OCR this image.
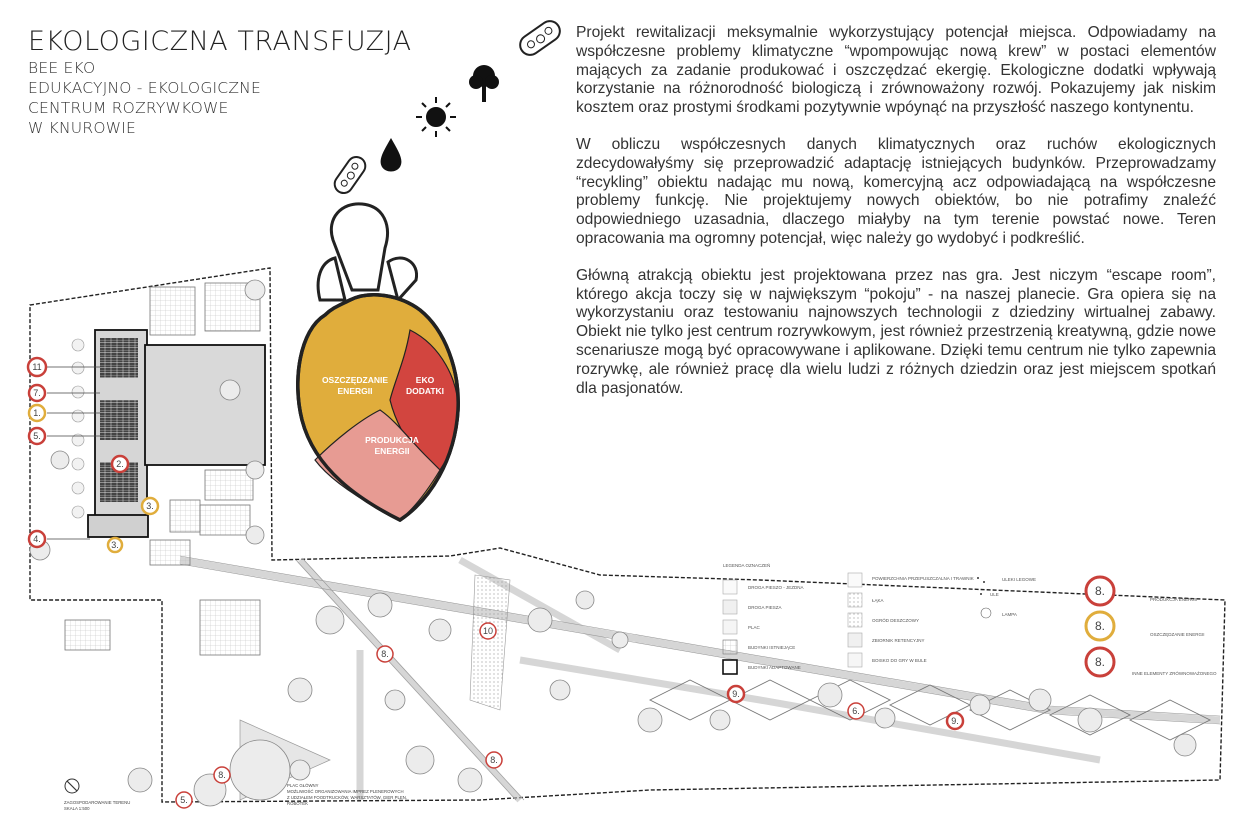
EKOLOGICZNA TRANSFUZJA
BEE EKO
EDUKACYJNO - EKOLOGICZNE
CENTRUM ROZRYWKOWE
W KNUROWIE

Projekt rewitalizacji meksymalnie wykorzystujący potencjał miejsca. Odpowiadamy na współczesne problemy klimatyczne “wpompowując nową krew” w postaci elementów mających za zadanie produkować i oszczędzać ekergię. Ekologiczne dodatki wpływają korzystanie na różnorodność biologiczą i zrównoważony rozwój. Pokazujemy jak niskim kosztem oraz prostymi środkami pozytywnie wpóynąć na przyszłość naszego kontynentu.

W obliczu współczesnych danych klimatycznych oraz ruchów ekologicznych zdecydowałyśmy się przeprowadzić adaptację istniejących budynków. Przeprowadzamy “recykling” obiektu nadając mu nową, komercyjną acz odpowiadającą na współczesne problemy funkcję. Nie projektujemy nowych obiektów, bo nie potrafimy znaleźć odpowiedniego uzasadnia, dlaczego miałyby na tym terenie powstać nowe. Teren opracowania ma ogromny potencjał, więc należy go wydobyć i podkreślić.

Główną atrakcją obiektu jest projektowana przez nas gra. Jest niczym “escape room”, którego akcja toczy się w największym “pokoju” - na naszej planecie. Gra opiera się na wykorzystaniu oraz testowaniu najnowszych technologii z dziedziny wirtualnej zabawy. Obiekt nie tylko jest centrum rozrywkowym, jest również przestrzenią kreatywną, gdzie nowe scenariusze mogą być opracowywane i aplikowane. Dzięki temu centrum nie tylko zapewnia rozrywkę, ale również pracę dla wielu ludzi z różnych dziedzin oraz jest miejscem spotkań dla pasjonatów.

11
7.
1.
5.
2.
3.
4.
3.
10
8.
8.
5.
8.
9.
6.
9.
PLAC GŁÓWNY
MOŻLIWOŚĆ ORGANIZOWANIA IMPREZ PLENEROWYCH
Z UDZIAŁEM FOODTRUCKÓW, WARSZTATÓW, GIER PLEN.
ROBÓTEK
ZAGOSPODAROWANIE TERENU
SKALA 1:500
LEGENDA OZNACZEŃ
DROGA PIESZO - JEZDNA
DROGA PIESZA
PLAC
BUDYNKI ISTNIEJĄCE
BUDYNKI ADAPTOWANE
POWIERZCHNIA PRZEPUSZCZALNA I TRAWNIK
ŁĄKA
OGRÓD DESZCZOWY
ZBIORNIK RETENCYJNY
BOISKO DO GRY W BULE
ULEKI LEGOWE
ULE
LAMPA
8.
PRODUKCJA ENERGII
8.
OSZCZĘDZANIE ENERGII
8.
INNE ELEMENTY ZRÓWNOWAŻONEGO
OSZCZĘDZANIE
ENERGII
EKO
DODATKI
PRODUKCJA
ENERGII
